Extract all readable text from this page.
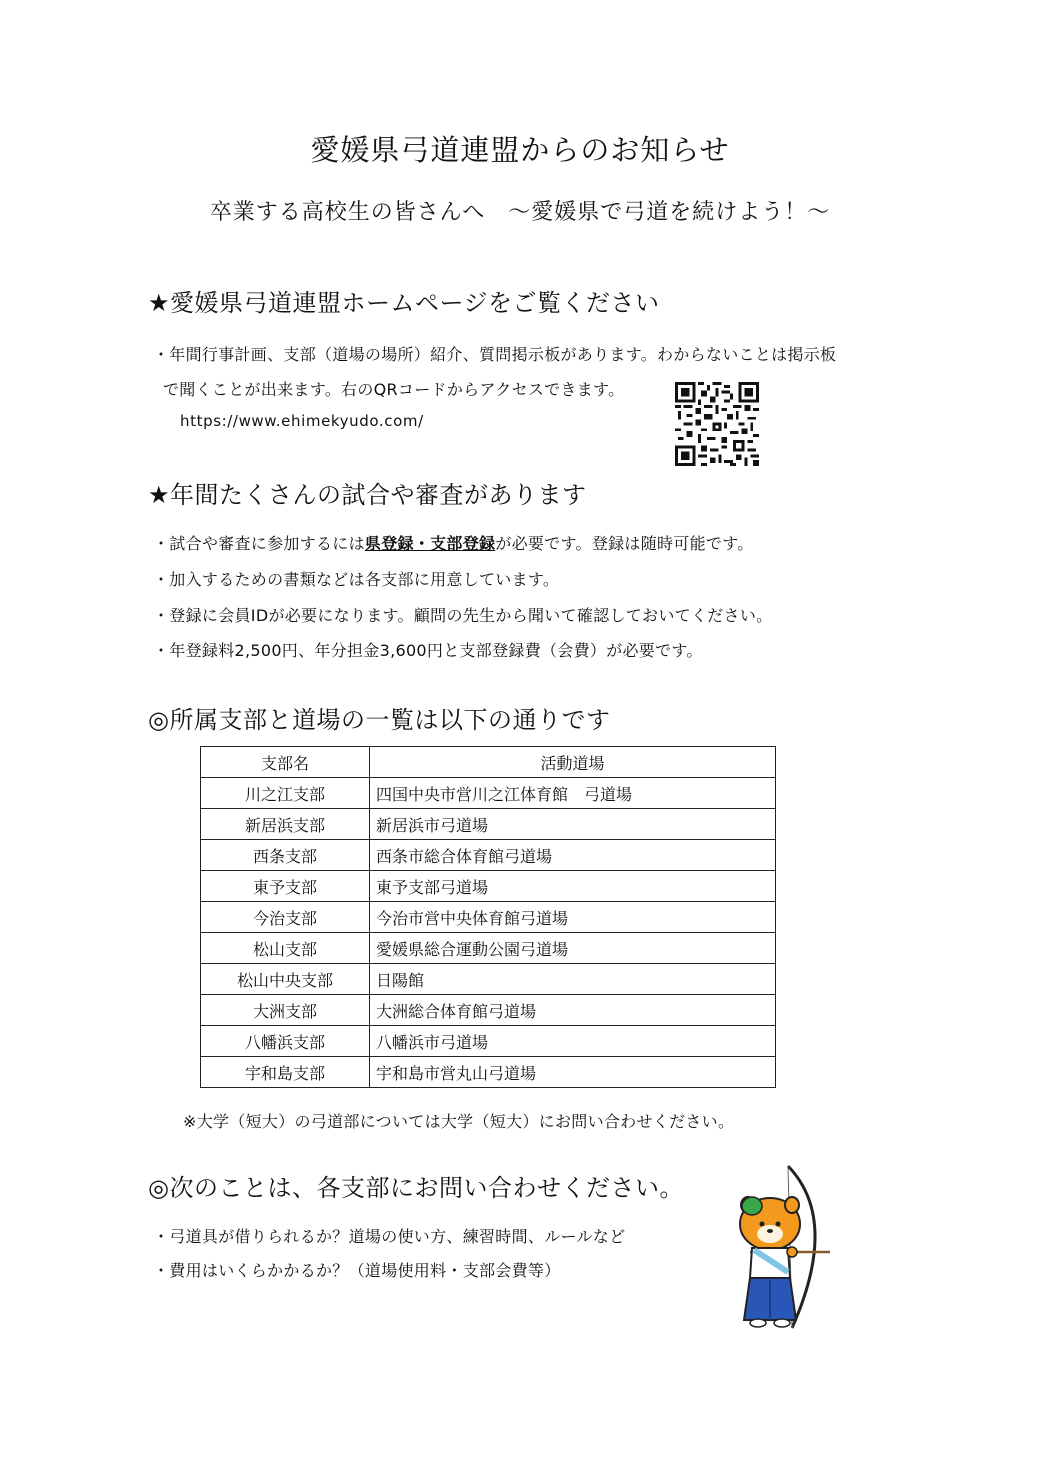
愛媛県弓道連盟からのお知らせ
卒業する高校生の皆さんへ　～愛媛県で弓道を続けよう！～
★愛媛県弓道連盟ホームページをご覧ください
・年間行事計画、支部（道場の場所）紹介、質問掲示板があります。わからないことは掲示板
で聞くことが出来ます。右のQRコードからアクセスできます。
https://www.ehimekyudo.com/
★年間たくさんの試合や審査があります
・試合や審査に参加するには県登録・支部登録が必要です。登録は随時可能です。
・加入するための書類などは各支部に用意しています。
・登録に会員IDが必要になります。顧問の先生から聞いて確認しておいてください。
・年登録料2,500円、年分担金3,600円と支部登録費（会費）が必要です。
◎所属支部と道場の一覧は以下の通りです
支部名	活動道場
川之江支部	四国中央市営川之江体育館　弓道場
新居浜支部	新居浜市弓道場
西条支部	西条市総合体育館弓道場
東予支部	東予支部弓道場
今治支部	今治市営中央体育館弓道場
松山支部	愛媛県総合運動公園弓道場
松山中央支部	日陽館
大洲支部	大洲総合体育館弓道場
八幡浜支部	八幡浜市弓道場
宇和島支部	宇和島市営丸山弓道場
※大学（短大）の弓道部については大学（短大）にお問い合わせください。
◎次のことは、各支部にお問い合わせください。
・弓道具が借りられるか？道場の使い方、練習時間、ルールなど
・費用はいくらかかるか？（道場使用料・支部会費等）
